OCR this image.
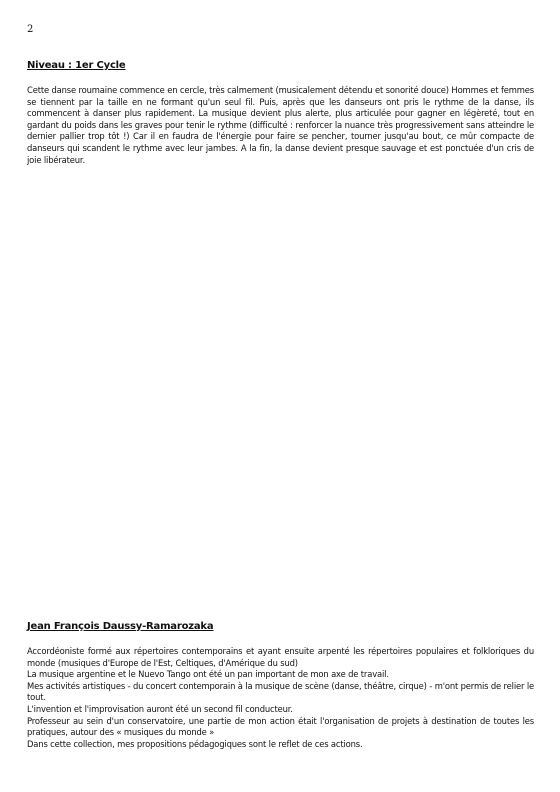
2
Niveau : 1er Cycle
Cette danse roumaine commence en cercle, très calmement (musicalement détendu et sonorité douce) Hommes et femmes se tiennent par la taille en ne formant qu'un seul fil. Puis, après que les danseurs ont pris le rythme de la danse, ils commencent à danser plus rapidement. La musique devient plus alerte, plus articulée pour gagner en légèreté, tout en gardant du poids dans les graves pour tenir le rythme (difficulté : renforcer la nuance très progressivement sans atteindre le dernier pallier trop tôt !) Car il en faudra de l'énergie pour faire se pencher, tourner jusqu'au bout, ce mûr compacte de danseurs qui scandent le rythme avec leur jambes. A la fin, la danse devient presque sauvage et est ponctuée d'un cris de joie libérateur.
Jean François Daussy-Ramarozaka
Accordéoniste formé aux répertoires contemporains et ayant ensuite arpenté les répertoires populaires et folkloriques du monde (musiques d'Europe de l'Est, Celtiques, d'Amérique du sud)
La musique argentine et le Nuevo Tango ont été un pan important de mon axe de travail.
Mes activités artistiques - du concert contemporain à la musique de scène (danse, théâtre, cirque) - m'ont permis de relier le tout.
L'invention et l'improvisation auront été un second fil conducteur.
Professeur au sein d'un conservatoire, une partie de mon action était l'organisation de projets à destination de toutes les pratiques, autour des « musiques du monde »
Dans cette collection, mes propositions pédagogiques sont le reflet de ces actions.
